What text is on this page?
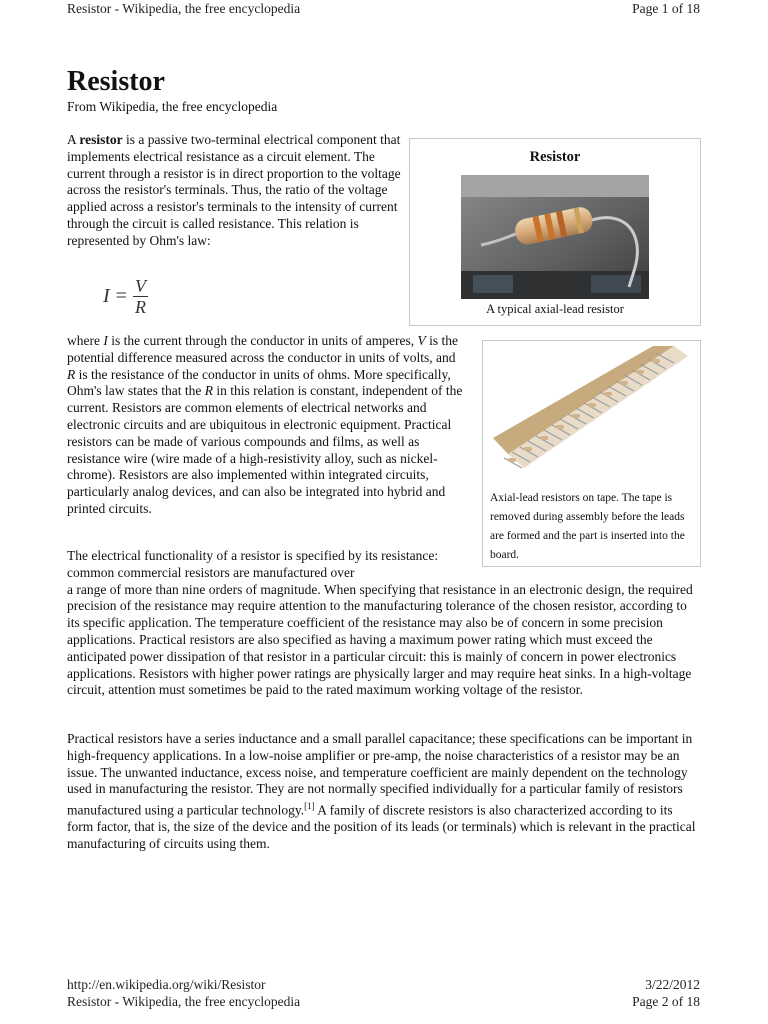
Resistor - Wikipedia, the free encyclopedia	Page 1 of 18
Resistor
From Wikipedia, the free encyclopedia

A resistor is a passive two-terminal electrical component that implements electrical resistance as a circuit element. The current through a resistor is in direct proportion to the voltage across the resistor's terminals. Thus, the ratio of the voltage applied across a resistor's terminals to the intensity of current through the circuit is called resistance. This relation is represented by Ohm's law:

$I = \frac{V}{R}$

where I is the current through the conductor in units of amperes, V is the potential difference measured across the conductor in units of volts, and R is the resistance of the conductor in units of ohms. More specifically, Ohm's law states that the R in this relation is constant, independent of the current. Resistors are common elements of electrical networks and electronic circuits and are ubiquitous in electronic equipment. Practical resistors can be made of various compounds and films, as well as resistance wire (wire made of a high-resistivity alloy, such as nickel-chrome). Resistors are also implemented within integrated circuits, particularly analog devices, and can also be integrated into hybrid and printed circuits.

The electrical functionality of a resistor is specified by its resistance: common commercial resistors are manufactured over
a range of more than nine orders of magnitude. When specifying that resistance in an electronic design, the required precision of the resistance may require attention to the manufacturing tolerance of the chosen resistor, according to its specific application. The temperature coefficient of the resistance may also be of concern in some precision applications. Practical resistors are also specified as having a maximum power rating which must exceed the anticipated power dissipation of that resistor in a particular circuit: this is mainly of concern in power electronics applications. Resistors with higher power ratings are physically larger and may require heat sinks. In a high-voltage circuit, attention must sometimes be paid to the rated maximum working voltage of the resistor.

Practical resistors have a series inductance and a small parallel capacitance; these specifications can be important in high-frequency applications. In a low-noise amplifier or pre-amp, the noise characteristics of a resistor may be an issue. The unwanted inductance, excess noise, and temperature coefficient are mainly dependent on the technology used in manufacturing the resistor. They are not normally specified individually for a particular family of resistors manufactured using a particular technology.[1] A family of discrete resistors is also characterized according to its form factor, that is, the size of the device and the position of its leads (or terminals) which is relevant in the practical manufacturing of circuits using them.

Resistor
A typical axial-lead resistor
Axial-lead resistors on tape. The tape is removed during assembly before the leads are formed and the part is inserted into the board.
http://en.wikipedia.org/wiki/Resistor	3/22/2012
Resistor - Wikipedia, the free encyclopedia	Page 2 of 18
